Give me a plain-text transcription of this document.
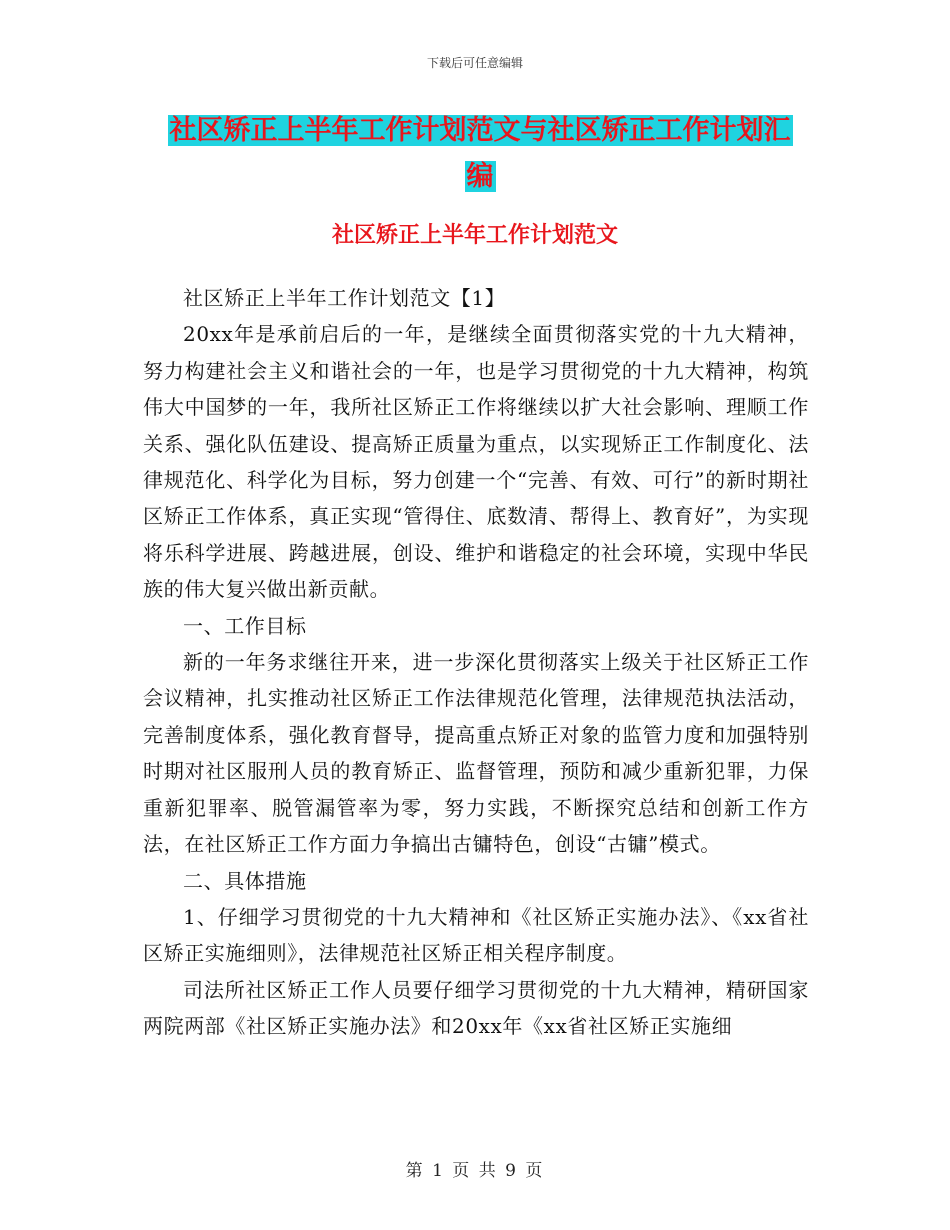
下载后可任意编辑
社区矫正上半年工作计划范文与社区矫正工作计划汇
编
社区矫正上半年工作计划范文

社区矫正上半年工作计划范文【1】

20xx年是承前启后的一年，是继续全面贯彻落实党的十九大精神，努力构建社会主义和谐社会的一年，也是学习贯彻党的十九大精神，构筑伟大中国梦的一年，我所社区矫正工作将继续以扩大社会影响、理顺工作关系、强化队伍建设、提高矫正质量为重点，以实现矫正工作制度化、法律规范化、科学化为目标，努力创建一个“完善、有效、可行”的新时期社区矫正工作体系，真正实现“管得住、底数清、帮得上、教育好”，为实现将乐科学进展、跨越进展，创设、维护和谐稳定的社会环境，实现中华民族的伟大复兴做出新贡献。

一、工作目标

新的一年务求继往开来，进一步深化贯彻落实上级关于社区矫正工作会议精神，扎实推动社区矫正工作法律规范化管理，法律规范执法活动，完善制度体系，强化教育督导，提高重点矫正对象的监管力度和加强特别时期对社区服刑人员的教育矫正、监督管理，预防和减少重新犯罪，力保重新犯罪率、脱管漏管率为零，努力实践，不断探究总结和创新工作方法，在社区矫正工作方面力争搞出古镛特色，创设“古镛”模式。

二、具体措施

1、仔细学习贯彻党的十九大精神和《社区矫正实施办法》、《xx省社区矫正实施细则》，法律规范社区矫正相关程序制度。

司法所社区矫正工作人员要仔细学习贯彻党的十九大精神，精研国家两院两部《社区矫正实施办法》和20xx年《xx省社区矫正实施细

第 1 页 共 9 页
